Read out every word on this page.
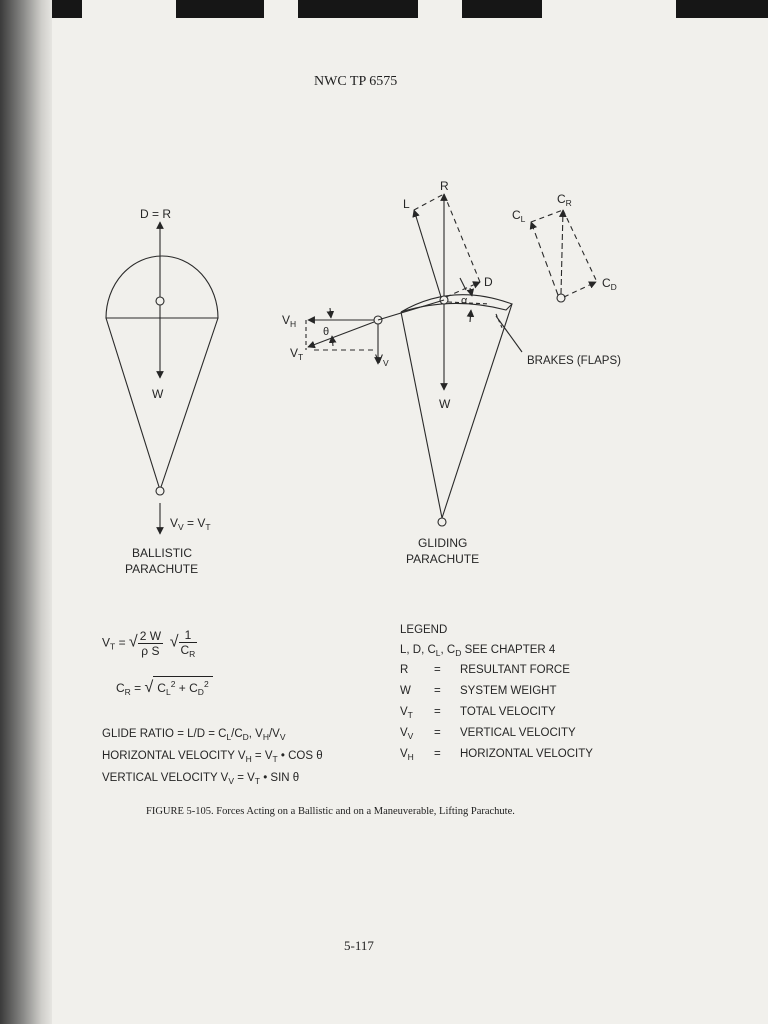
NWC TP 6575
D = R
W
R
L
D
α
θ
W
BRAKES (FLAPS)
$V_H$
$V_T$	$V_V$
$C_R$
$C_L$
$C_D$
$V_V = V_T$
BALLISTIC
PARACHUTE
GLIDING
PARACHUTE
$V_T$ = √ $\frac{2 W}{\text{ρ S}}$ √ $\frac{1}{C_R}$
$C_R$ = √ $C_L^2 + C_D^2$
GLIDE RATIO = $L/D = C_L/C_D$, $V_H/V_V$
HORIZONTAL VELOCITY $V_H = V_T$ • COS θ
VERTICAL VELOCITY $V_V = V_T$ • SIN θ
LEGEND
L, D, $C_L$, $C_D$ SEE CHAPTER 4
R = RESULTANT FORCE
W = SYSTEM WEIGHT
$V_T$ = TOTAL VELOCITY
$V_V$ = VERTICAL VELOCITY
$V_H$ = HORIZONTAL VELOCITY
FIGURE 5-105. Forces Acting on a Ballistic and on a Maneuverable, Lifting Parachute.
5-117
